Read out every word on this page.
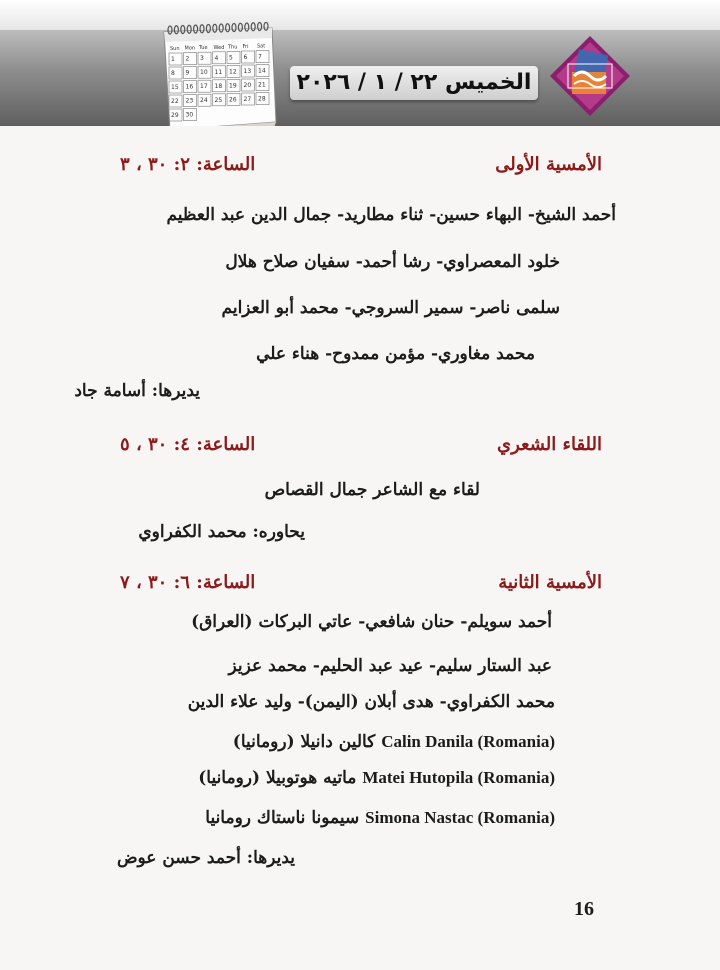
الخميس ٢٢ / ١ / ٢٠٢٦
Sun Mon Tue Wed Thu Fri Sat
1 2 3 4 5 6 7
8 9 10 11 12 13 14
15 16 17 18 19 20 21
22 23 24 25 26 27 28
29 30
الأمسية الأولى
الساعة: ٢: ٣٠ ، ٣
أحمد الشيخ- البهاء حسين- ثناء مطاريد- جمال الدين عبد العظيم
خلود المعصراوي- رشا أحمد- سفيان صلاح هلال
سلمى ناصر- سمير السروجي- محمد أبو العزايم
محمد مغاوري- مؤمن ممدوح- هناء علي
يديرها: أسامة جاد
اللقاء الشعري
الساعة: ٤: ٣٠ ، ٥
لقاء مع الشاعر جمال القصاص
يحاوره: محمد الكفراوي
الأمسية الثانية
الساعة: ٦: ٣٠ ، ٧
أحمد سويلم- حنان شافعي- عاتي البركات (العراق)
عبد الستار سليم- عيد عبد الحليم- محمد عزيز
محمد الكفراوي- هدى أبلان (اليمن)- وليد علاء الدين
Calin Danila (Romania) كالين دانيلا (رومانيا)
Matei Hutopila (Romania) ماتيه هوتوبيلا (رومانيا)
Simona Nastac (Romania) سيمونا ناستاك رومانيا
يديرها: أحمد حسن عوض
16
